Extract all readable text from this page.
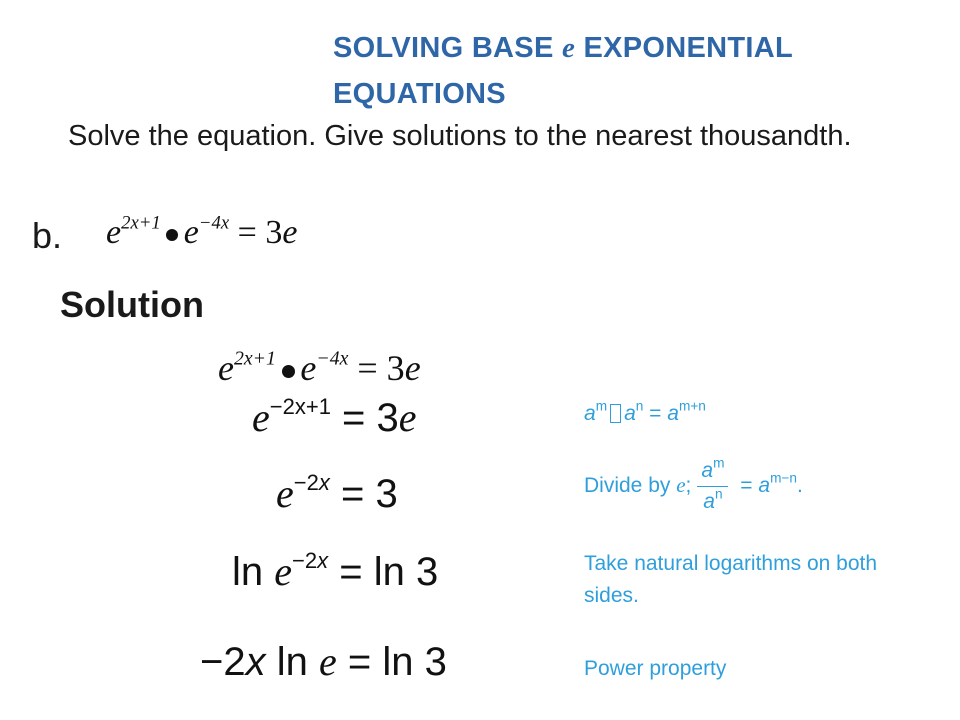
SOLVING BASE e EXPONENTIAL EQUATIONS
Solve the equation. Give solutions to the nearest thousandth.
b. $e^{2x+1}$ $e^{-4x} = 3e$
Solution
$e^{2x+1}$ $e^{-4x} = 3e$
$e^{-2x+1} = 3e$	$a^m$ $a^n = a^{m+n}$
$e^{-2x} = 3$	Divide by e; $\frac{a^m}{a^n} = a^{m-n}$.
$\ln e^{-2x} = \ln 3$	Take natural logarithms on both sides.
−2x ln e = ln 3	Power property
